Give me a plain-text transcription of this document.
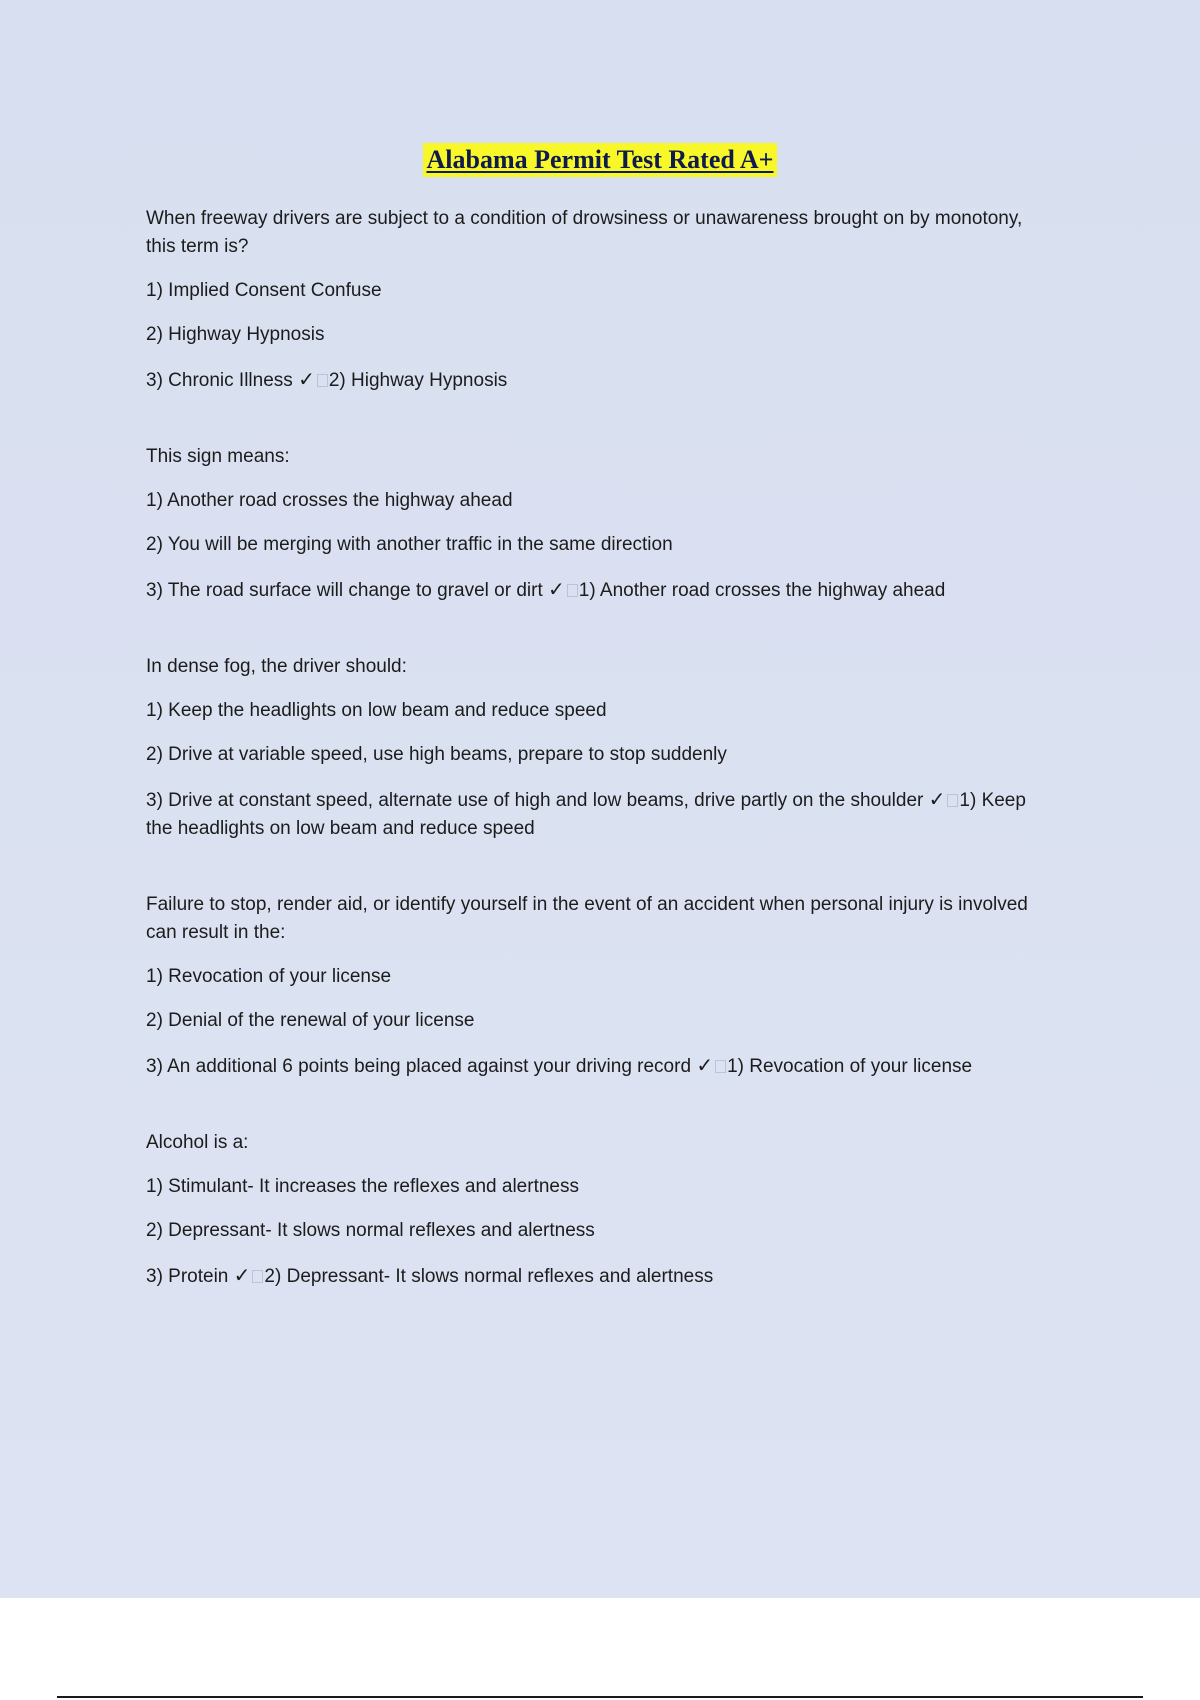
Alabama Permit Test Rated A+

When freeway drivers are subject to a condition of drowsiness or unawareness brought on by monotony, this term is?

1) Implied Consent Confuse

2) Highway Hypnosis

3) Chronic Illness ✓ 2) Highway Hypnosis

This sign means:

1) Another road crosses the highway ahead

2) You will be merging with another traffic in the same direction

3) The road surface will change to gravel or dirt ✓ 1) Another road crosses the highway ahead

In dense fog, the driver should:

1) Keep the headlights on low beam and reduce speed

2) Drive at variable speed, use high beams, prepare to stop suddenly

3) Drive at constant speed, alternate use of high and low beams, drive partly on the shoulder ✓ 1) Keep the headlights on low beam and reduce speed

Failure to stop, render aid, or identify yourself in the event of an accident when personal injury is involved can result in the:

1) Revocation of your license

2) Denial of the renewal of your license

3) An additional 6 points being placed against your driving record ✓ 1) Revocation of your license

Alcohol is a:

1) Stimulant- It increases the reflexes and alertness

2) Depressant- It slows normal reflexes and alertness

3) Protein ✓ 2) Depressant- It slows normal reflexes and alertness
